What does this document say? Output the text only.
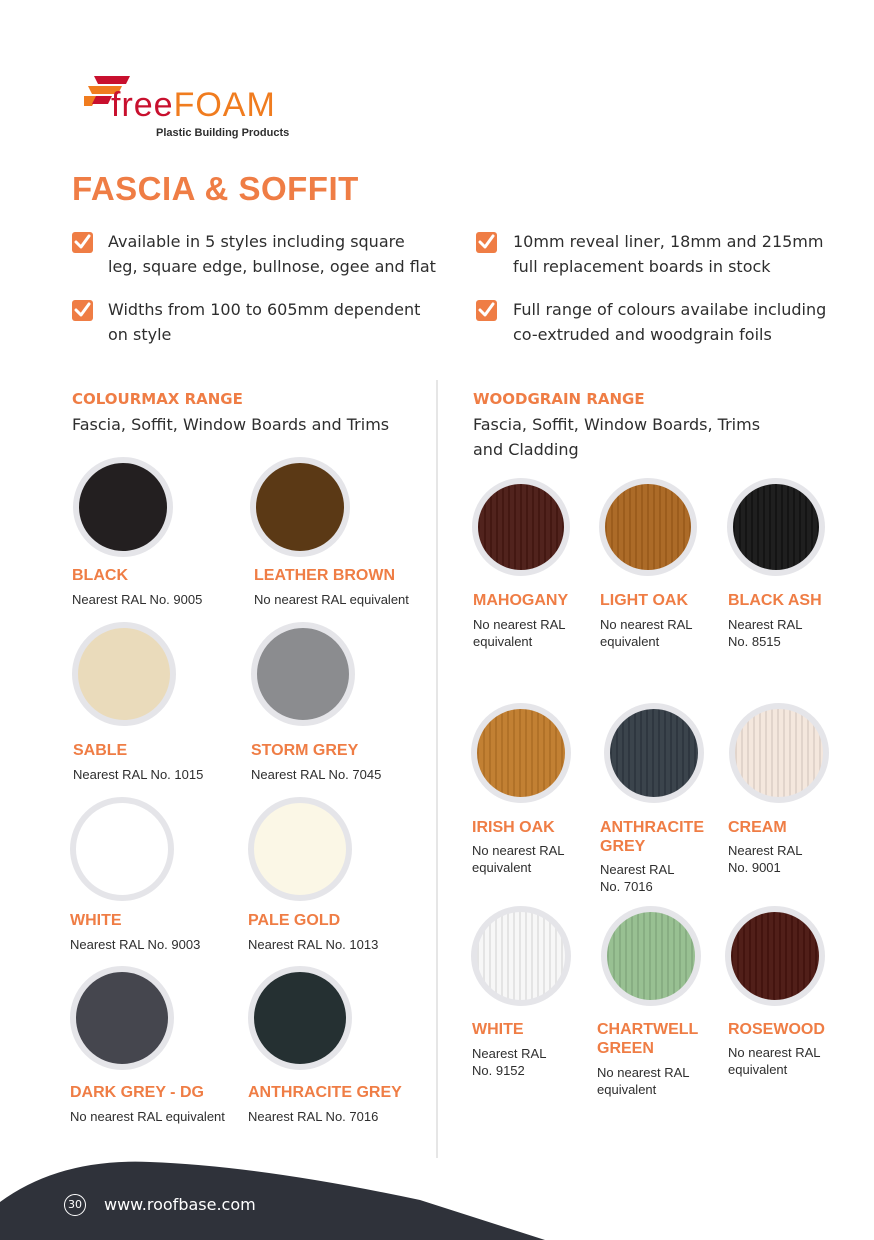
freeFOAM
Plastic Building Products
FASCIA & SOFFIT
Available in 5 styles including square
leg, square edge, bullnose, ogee and flat
Widths from 100 to 605mm dependent
on style
10mm reveal liner, 18mm and 215mm
full replacement boards in stock
Full range of colours availabe including
co-extruded and woodgrain foils
COLOURMAX RANGE
Fascia, Soffit, Window Boards and Trims
BLACK
Nearest RAL No. 9005
LEATHER BROWN
No nearest RAL equivalent
SABLE
Nearest RAL No. 1015
STORM GREY
Nearest RAL No. 7045
WHITE
Nearest RAL No. 9003
PALE GOLD
Nearest RAL No. 1013
DARK GREY - DG
No nearest RAL equivalent
ANTHRACITE GREY
Nearest RAL No. 7016
WOODGRAIN RANGE
Fascia, Soffit, Window Boards, Trims
and Cladding
MAHOGANY
No nearest RAL
equivalent
LIGHT OAK
No nearest RAL
equivalent
BLACK ASH
Nearest RAL
No. 8515
IRISH OAK
No nearest RAL
equivalent
ANTHRACITE
GREY
Nearest RAL
No. 7016
CREAM
Nearest RAL
No. 9001
WHITE
Nearest RAL
No. 9152
CHARTWELL
GREEN
No nearest RAL
equivalent
ROSEWOOD
No nearest RAL
equivalent
30 www.roofbase.com
